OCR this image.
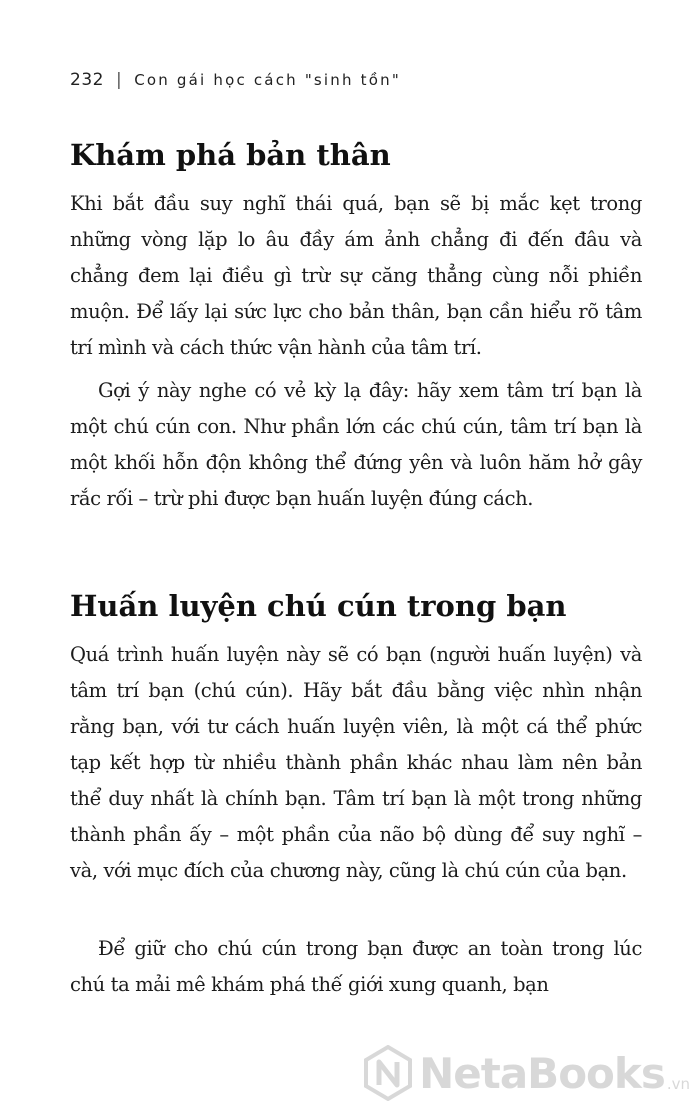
232 | Con gái học cách "sinh tồn"
Khám phá bản thân

Khi bắt đầu suy nghĩ thái quá, bạn sẽ bị mắc kẹt trong những vòng lặp lo âu đầy ám ảnh chẳng đi đến đâu và chẳng đem lại điều gì trừ sự căng thẳng cùng nỗi phiền muộn. Để lấy lại sức lực cho bản thân, bạn cần hiểu rõ tâm trí mình và cách thức vận hành của tâm trí.

Gợi ý này nghe có vẻ kỳ lạ đây: hãy xem tâm trí bạn là một chú cún con. Như phần lớn các chú cún, tâm trí bạn là một khối hỗn độn không thể đứng yên và luôn hăm hở gây rắc rối – trừ phi được bạn huấn luyện đúng cách.

Huấn luyện chú cún trong bạn

Quá trình huấn luyện này sẽ có bạn (người huấn luyện) và tâm trí bạn (chú cún). Hãy bắt đầu bằng việc nhìn nhận rằng bạn, với tư cách huấn luyện viên, là một cá thể phức tạp kết hợp từ nhiều thành phần khác nhau làm nên bản thể duy nhất là chính bạn. Tâm trí bạn là một trong những thành phần ấy – một phần của não bộ dùng để suy nghĩ – và, với mục đích của chương này, cũng là chú cún của bạn.

Để giữ cho chú cún trong bạn được an toàn trong lúc chú ta mải mê khám phá thế giới xung quanh, bạn

NetaBooks .vn
